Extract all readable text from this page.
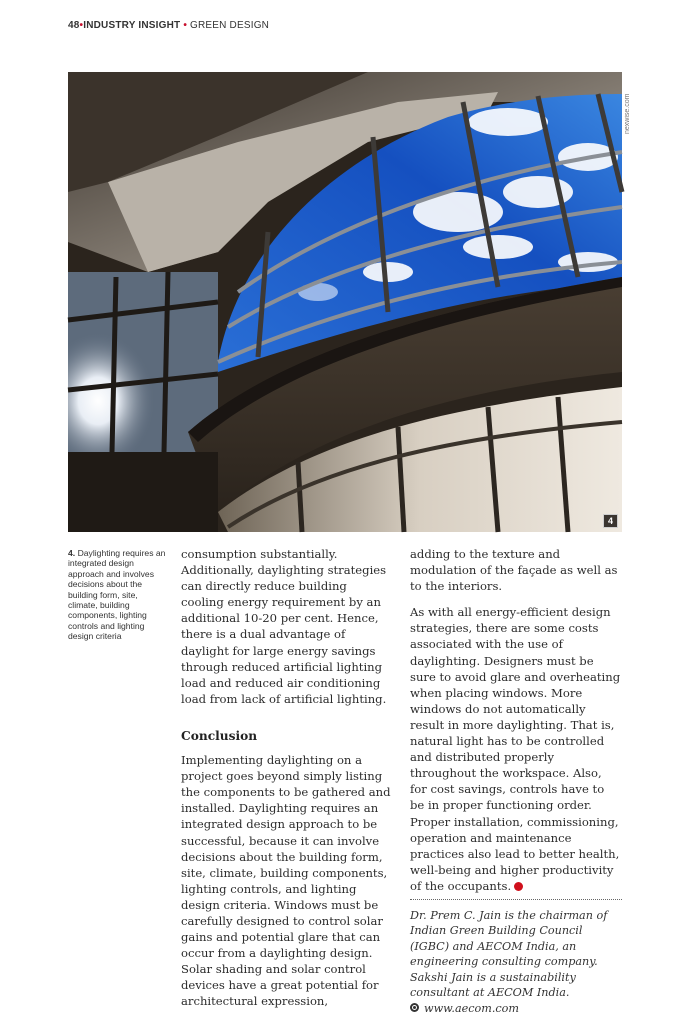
48•INDUSTRY INSIGHT • GREEN DESIGN
4
nexwise.com
4. Daylighting requires an integrated design approach and involves decisions about the building form, site, climate, building components, lighting controls and lighting design criteria

consumption substantially. Additionally, daylighting strategies can directly reduce building cooling energy requirement by an additional 10-20 per cent. Hence, there is a dual advantage of daylight for large energy savings through reduced artificial lighting load and reduced air conditioning load from lack of artificial lighting.

Conclusion

Implementing daylighting on a project goes beyond simply listing the components to be gathered and installed. Daylighting requires an integrated design approach to be successful, because it can involve decisions about the building form, site, climate, building components, lighting controls, and lighting design criteria. Windows must be carefully designed to control solar gains and potential glare that can occur from a daylighting design. Solar shading and solar control devices have a great potential for architectural expression,

adding to the texture and modulation of the façade as well as to the interiors.

As with all energy-efficient design strategies, there are some costs associated with the use of daylighting. Designers must be sure to avoid glare and overheating when placing windows. More windows do not automatically result in more daylighting. That is, natural light has to be controlled and distributed properly throughout the workspace. Also, for cost savings, controls have to be in proper functioning order. Proper installation, commissioning, operation and maintenance practices also lead to better health, well-being and higher productivity of the occupants.

Dr. Prem C. Jain is the chairman of Indian Green Building Council (IGBC) and AECOM India, an engineering consulting company. Sakshi Jain is a sustainability consultant at AECOM India.

www.aecom.com
